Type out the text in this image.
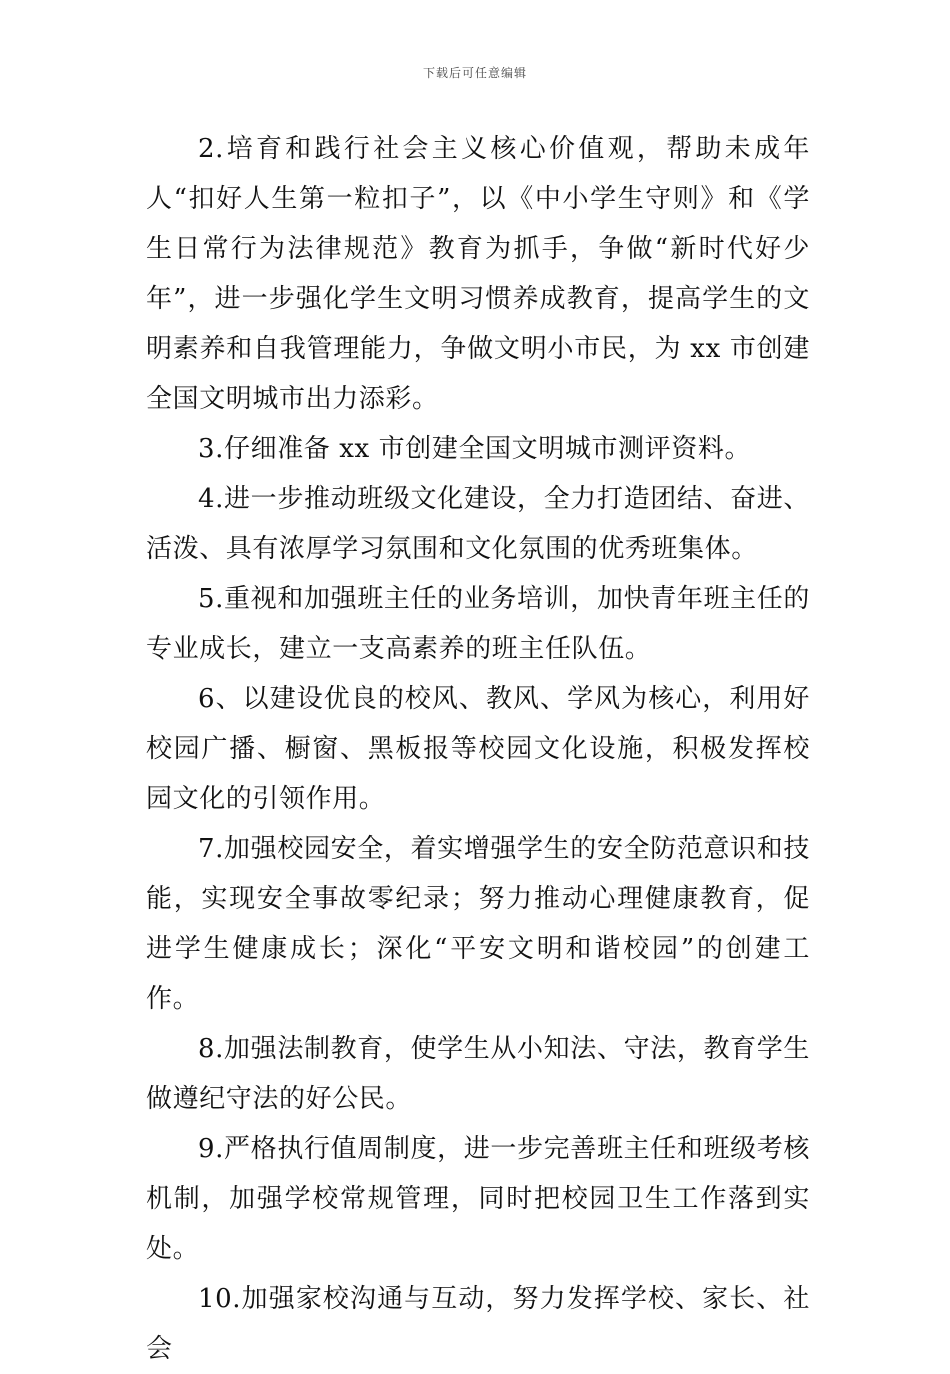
下载后可任意编辑

2.培育和践行社会主义核心价值观，帮助未成年人“扣好人生第一粒扣子”，以《中小学生守则》和《学生日常行为法律规范》教育为抓手，争做“新时代好少年”，进一步强化学生文明习惯养成教育，提高学生的文明素养和自我管理能力，争做文明小市民，为 xx 市创建全国文明城市出力添彩。

3.仔细准备 xx 市创建全国文明城市测评资料。

4.进一步推动班级文化建设，全力打造团结、奋进、活泼、具有浓厚学习氛围和文化氛围的优秀班集体。

5.重视和加强班主任的业务培训，加快青年班主任的专业成长，建立一支高素养的班主任队伍。

6、以建设优良的校风、教风、学风为核心，利用好校园广播、橱窗、黑板报等校园文化设施，积极发挥校园文化的引领作用。

7.加强校园安全，着实增强学生的安全防范意识和技能，实现安全事故零纪录；努力推动心理健康教育，促进学生健康成长；深化“平安文明和谐校园”的创建工作。

8.加强法制教育，使学生从小知法、守法，教育学生做遵纪守法的好公民。

9.严格执行值周制度，进一步完善班主任和班级考核机制，加强学校常规管理，同时把校园卫生工作落到实处。

10.加强家校沟通与互动，努力发挥学校、家长、社会
